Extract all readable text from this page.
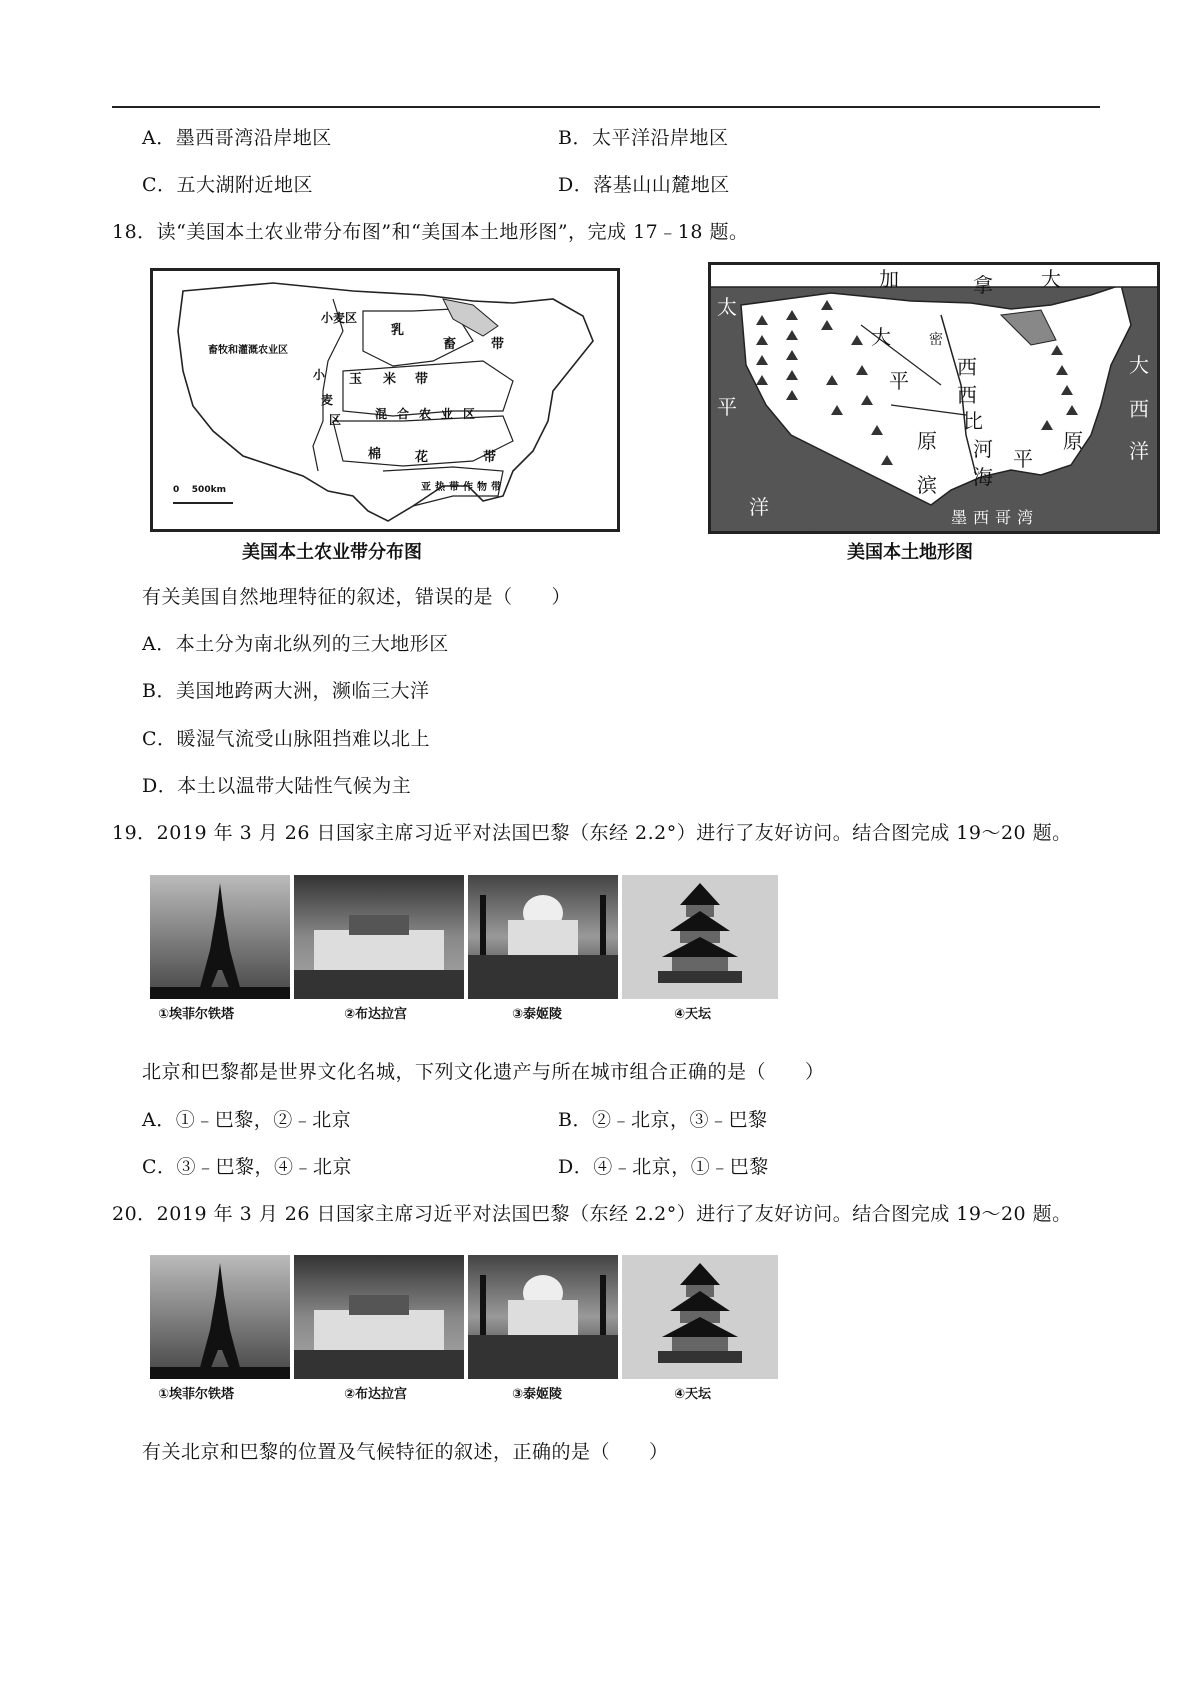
A．墨西哥湾沿岸地区	B．太平洋沿岸地区
C．五大湖附近地区	D．落基山山麓地区
18．读“美国本土农业带分布图”和“美国本土地形图”，完成 17﹣18 题。
小麦区
畜牧和灌溉农业区
乳
畜	带
玉 米 带
小
麦
区	混合农业区
棉	花	带
亚热带作物带
0    500km
美国本土农业带分布图
加	拿 大
太
平
洋
大
西
洋
大
平
原
密
西
西
比
河
滨 海
平
原
墨西哥湾
美国本土地形图
有关美国自然地理特征的叙述，错误的是（　　）
A．本土分为南北纵列的三大地形区
B．美国地跨两大洲，濒临三大洋
C．暖湿气流受山脉阻挡难以北上
D．本土以温带大陆性气候为主
19．2019 年 3 月 26 日国家主席习近平对法国巴黎（东经 2.2°）进行了友好访问。结合图完成 19～20 题。
①埃菲尔铁塔	②布达拉宫	③泰姬陵	④天坛
北京和巴黎都是世界文化名城，下列文化遗产与所在城市组合正确的是（　　）
A．①﹣巴黎，②﹣北京	B．②﹣北京，③﹣巴黎
C．③﹣巴黎，④﹣北京	D．④﹣北京，①﹣巴黎
20．2019 年 3 月 26 日国家主席习近平对法国巴黎（东经 2.2°）进行了友好访问。结合图完成 19～20 题。
①埃菲尔铁塔	②布达拉宫	③泰姬陵	④天坛
有关北京和巴黎的位置及气候特征的叙述，正确的是（　　）
